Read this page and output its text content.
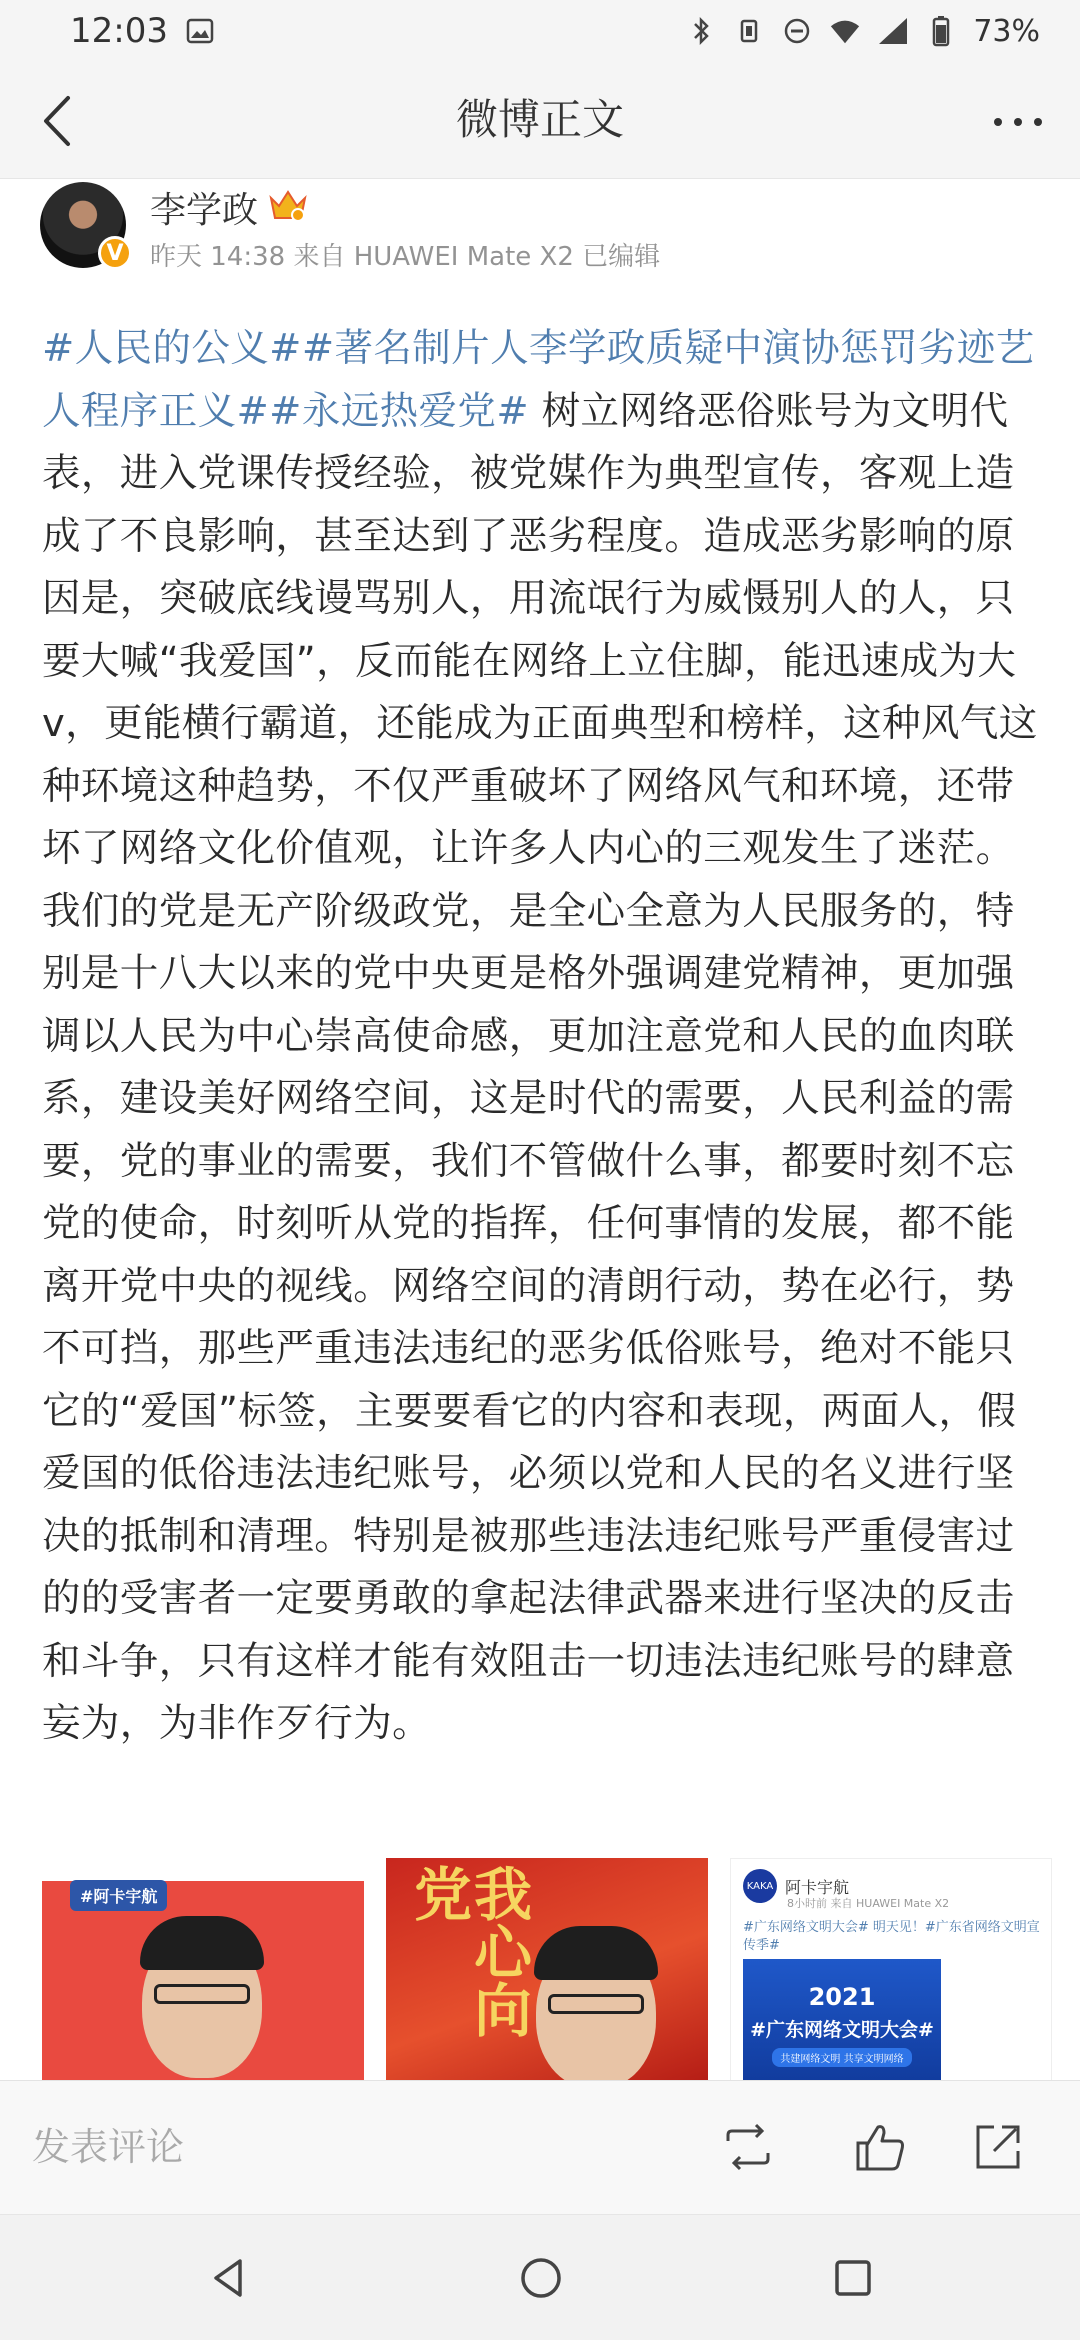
12:03	73%
微博正文
V
李学政
昨天 14:38 来自 HUAWEI Mate X2 已编辑
#人民的公义##著名制片人李学政质疑中演协惩罚劣迹艺人程序正义##永远热爱党# 树立网络恶俗账号为文明代表，进入党课传授经验，被党媒作为典型宣传，客观上造成了不良影响，甚至达到了恶劣程度。造成恶劣影响的原因是，突破底线谩骂别人，用流氓行为威慑别人的人，只要大喊“我爱国”，反而能在网络上立住脚，能迅速成为大v，更能横行霸道，还能成为正面典型和榜样，这种风气这种环境这种趋势，不仅严重破坏了网络风气和环境，还带坏了网络文化价值观，让许多人内心的三观发生了迷茫。我们的党是无产阶级政党，是全心全意为人民服务的，特别是十八大以来的党中央更是格外强调建党精神，更加强调以人民为中心崇高使命感，更加注意党和人民的血肉联系，建设美好网络空间，这是时代的需要，人民利益的需要，党的事业的需要，我们不管做什么事，都要时刻不忘党的使命，时刻听从党的指挥，任何事情的发展，都不能离开党中央的视线。网络空间的清朗行动，势在必行，势不可挡，那些严重违法违纪的恶劣低俗账号，绝对不能只它的“爱国”标签，主要要看它的内容和表现，两面人，假爱国的低俗违法违纪账号，必须以党和人民的名义进行坚决的抵制和清理。特别是被那些违法违纪账号严重侵害过的的受害者一定要勇敢的拿起法律武器来进行坚决的反击和斗争，只有这样才能有效阻击一切违法违纪账号的肆意妄为，为非作歹行为。
#阿卡宇航	我心向党	KAKA 阿卡宇航
8小时前 来自 HUAWEI Mate X2
#广东网络文明大会# 明天见！#广东省网络文明宣传季#
2021
#广东网络文明大会#
共建网络文明 共享文明网络
发表评论
